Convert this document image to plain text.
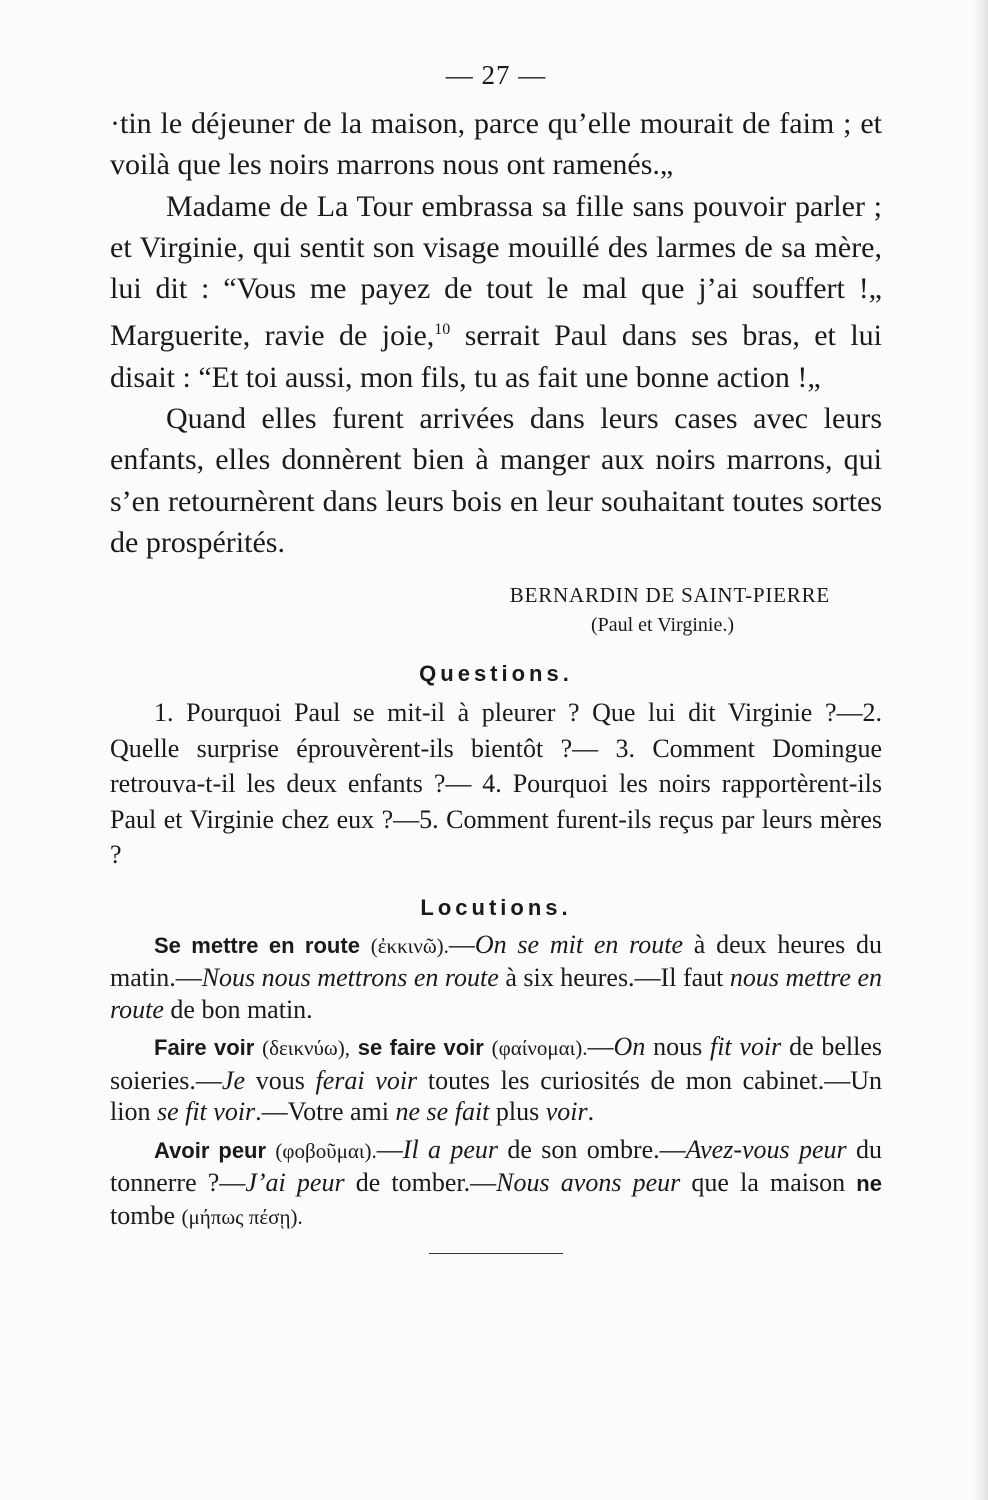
— 27 —

·tin le déjeuner de la maison, parce qu’elle mourait de faim ; et voilà que les noirs marrons nous ont ramenés.„

Madame de La Tour embrassa sa fille sans pouvoir parler ; et Virginie, qui sentit son visage mouillé des larmes de sa mère, lui dit : “Vous me payez de tout le mal que j’ai souffert !„ Marguerite, ravie de joie,$^{10}$ serrait Paul dans ses bras, et lui disait : “Et toi aussi, mon fils, tu as fait une bonne action !„

Quand elles furent arrivées dans leurs cases avec leurs enfants, elles donnèrent bien à manger aux noirs marrons, qui s’en retournèrent dans leurs bois en leur souhaitant toutes sortes de prospérités.

BERNARDIN DE SAINT-PIERRE
(Paul et Virginie.)
Questions.

1. Pourquoi Paul se mit-il à pleurer ? Que lui dit Virginie ?—2. Quelle surprise éprouvèrent-ils bientôt ?— 3. Comment Domingue retrouva-t-il les deux enfants ?— 4. Pourquoi les noirs rapportèrent-ils Paul et Virginie chez eux ?—5. Comment furent-ils reçus par leurs mères ?

Locutions.

Se mettre en route (ἐκκινῶ).—On se mit en route à deux heures du matin.—Nous nous mettrons en route à six heures.—Il faut nous mettre en route de bon matin.

Faire voir (δεικνύω), se faire voir (φαίνομαι).—On nous fit voir de belles soieries.—Je vous ferai voir toutes les curiosités de mon cabinet.—Un lion se fit voir.—Votre ami ne se fait plus voir.

Avoir peur (φοβοῦμαι).—Il a peur de son ombre.—Avez-vous peur du tonnerre ?—J’ai peur de tomber.—Nous avons peur que la maison ne tombe (μήπως πέσῃ).
